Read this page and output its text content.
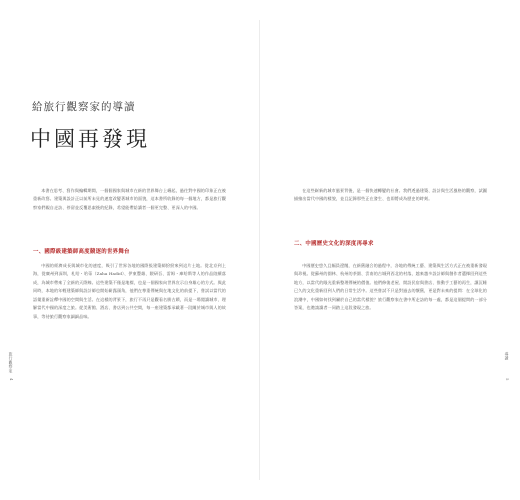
給旅行觀察家的導讀
中國再發現

本書在思考、寫作與編輯期間，一個個國家與城市在新的世界舞台上崛起，過往對中國的印象正在被重新改寫。建築與設計正以前所未見的速度改變著城市的面貌，這本書所收錄的每一個地方，都是旅行觀察家們親自走訪、停留並反覆思索後的紀錄，希望能帶給讀者一個更完整、更深入的中國。

一、國際級建築師高度競逐的世界舞台

中國的經濟成長與城市化的速度，吸引了世界各地的國際級建築師紛紛來到這片土地。從北京到上海，從廣州到深圳，札哈・哈蒂（Zaha Hadid）、伊東豐雄、隈研吾、雷姆・庫哈斯等人的作品陸續落成，為城市帶來了全新的天際線。這些建築不僅是地標，也是一個國家向世界宣示自身雄心的方式。與此同時，本地的年輕建築師與設計師也開始嶄露頭角，他們在尊重傳統與在地文化的前提下，嘗試以當代的語彙重新詮釋中國的空間與生活。在這樣的背景下，旅行不再只是觀看名勝古蹟，而是一場閱讀城市、理解當代中國的深度之旅。從美術館、酒店、書店到公共空間，每一座建築都承載著一段關於城市與人的故事，等待旅行觀察家細細品味。

旅行觀察家
4

在這些嶄新的城市風景背後，是一個快速轉變的社會。我們透過建築、設計與生活風格的觀察，試圖描繪出當代中國的樣貌，並且記錄那些正在發生、也即將成為歷史的時刻。

二、中國歷史文化的深度再尋求

中國歷史悠久且幅員遼闊，在新舊融合的過程中，各地的傳統工藝、建築與生活方式正在被重新發現與珍視。從蘇州的園林、杭州的茶園、雲南的古城到西北的村落，越來越多設計師與創作者選擇回到這些地方，以當代的眼光重新整理傳統的價值。他們修復老屋、開設民宿與書店、推動手工藝的再生，讓沉睡已久的文化重新回到人們的日常生活中。這些嘗試不只是對過去的懷舊，更是對未來的提問：在全球化的浪潮中，中國如何找到屬於自己的當代樣貌？旅行觀察家在書中所走訪的每一處，都是這個提問的一部分答案，也邀請讀者一同踏上這段發現之旅。

導讀
5
